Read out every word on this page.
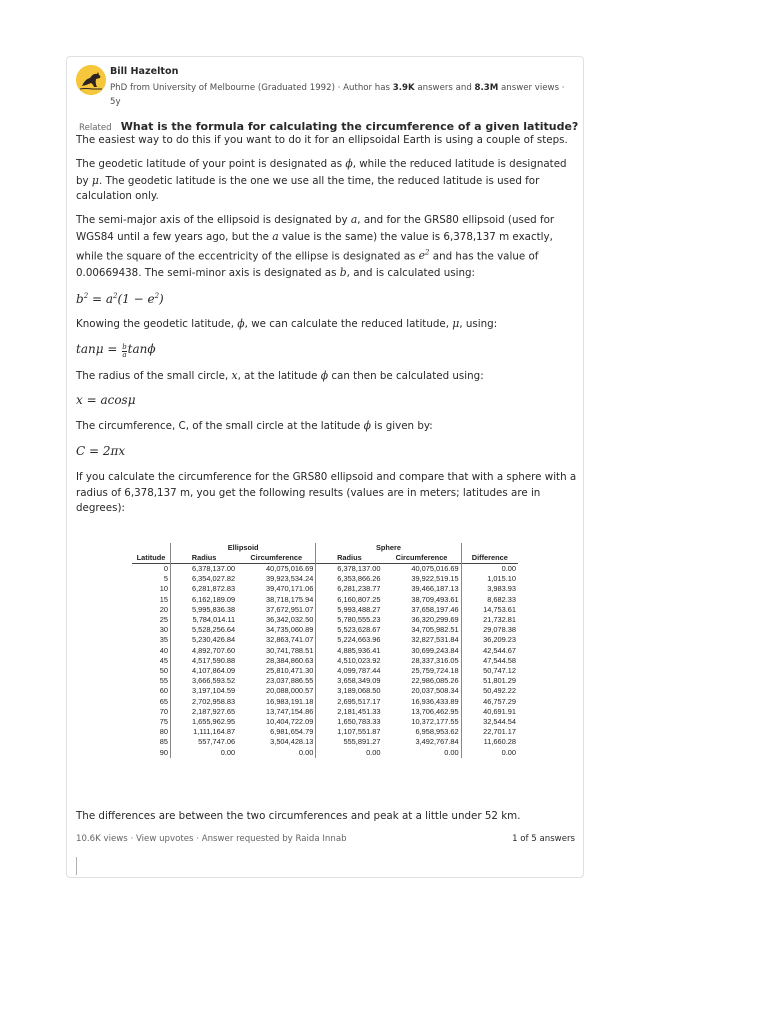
Bill Hazelton
PhD from University of Melbourne (Graduated 1992) · Author has 3.9K answers and 8.3M answer views · 5y
Related What is the formula for calculating the circumference of a given latitude?

The easiest way to do this if you want to do it for an ellipsoidal Earth is using a couple of steps.

The geodetic latitude of your point is designated as ϕ, while the reduced latitude is designated by μ. The geodetic latitude is the one we use all the time, the reduced latitude is used for calculation only.

The semi-major axis of the ellipsoid is designated by a, and for the GRS80 ellipsoid (used for WGS84 until a few years ago, but the a value is the same) the value is 6,378,137 m exactly, while the square of the eccentricity of the ellipse is designated as $e^2$ and has the value of 0.00669438. The semi-minor axis is designated as b, and is calculated using:

$b^2 = a^2(1 - e^2)$

Knowing the geodetic latitude, ϕ, we can calculate the reduced latitude, μ, using:

$\tan\mu = \frac{b}{a}$ tanϕ

The radius of the small circle, x, at the latitude ϕ can then be calculated using:

x = acosμ

The circumference, C, of the small circle at the latitude ϕ is given by:

C = 2πx

If you calculate the circumference for the GRS80 ellipsoid and compare that with a sphere with a radius of 6,378,137 m, you get the following results (values are in meters; latitudes are in degrees):

	Ellipsoid		Sphere		
Latitude	Radius	Circumference	Radius	Circumference	Difference
0	6,378,137.00	40,075,016.69	6,378,137.00	40,075,016.69	0.00
5	6,354,027.82	39,923,534.24	6,353,866.26	39,922,519.15	1,015.10
10	6,281,872.83	39,470,171.06	6,281,238.77	39,466,187.13	3,983.93
15	6,162,189.09	38,718,175.94	6,160,807.25	38,709,493.61	8,682.33
20	5,995,836.38	37,672,951.07	5,993,488.27	37,658,197.46	14,753.61
25	5,784,014.11	36,342,032.50	5,780,555.23	36,320,299.69	21,732.81
30	5,528,256.64	34,735,060.89	5,523,628.67	34,705,982.51	29,078.38
35	5,230,426.84	32,863,741.07	5,224,663.96	32,827,531.84	36,209.23
40	4,892,707.60	30,741,788.51	4,885,936.41	30,699,243.84	42,544.67
45	4,517,590.88	28,384,860.63	4,510,023.92	28,337,316.05	47,544.58
50	4,107,864.09	25,810,471.30	4,099,787.44	25,759,724.18	50,747.12
55	3,666,593.52	23,037,886.55	3,658,349.09	22,986,085.26	51,801.29
60	3,197,104.59	20,088,000.57	3,189,068.50	20,037,508.34	50,492.22
65	2,702,958.83	16,983,191.18	2,695,517.17	16,936,433.89	46,757.29
70	2,187,927.65	13,747,154.86	2,181,451.33	13,706,462.95	40,691.91
75	1,655,962.95	10,404,722.09	1,650,783.33	10,372,177.55	32,544.54
80	1,111,164.87	6,981,654.79	1,107,551.87	6,958,953.62	22,701.17
85	557,747.06	3,504,428.13	555,891.27	3,492,767.84	11,660.28
90	0.00	0.00	0.00	0.00	0.00
The differences are between the two circumferences and peak at a little under 52 km.
10.6K views · View upvotes · Answer requested by Raida Innab	1 of 5 answers
